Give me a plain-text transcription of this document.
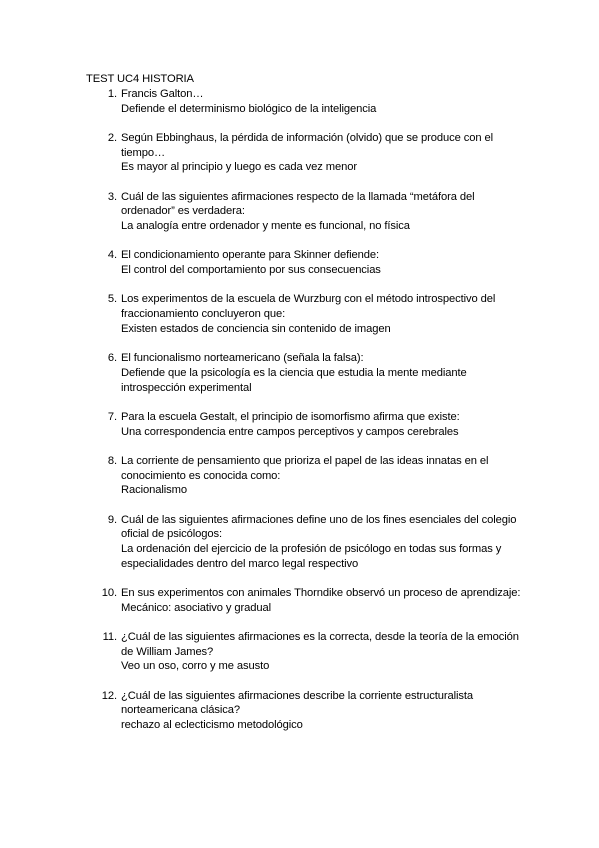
TEST UC4 HISTORIA
1. Francis Galton…
Defiende el determinismo biológico de la inteligencia
2. Según Ebbinghaus, la pérdida de información (olvido) que se produce con el tiempo…
Es mayor al principio y luego es cada vez menor
3. Cuál de las siguientes afirmaciones respecto de la llamada “metáfora del ordenador” es verdadera:
La analogía entre ordenador y mente es funcional, no física
4. El condicionamiento operante para Skinner defiende:
El control del comportamiento por sus consecuencias
5. Los experimentos de la escuela de Wurzburg con el método introspectivo del fraccionamiento concluyeron que:
Existen estados de conciencia sin contenido de imagen
6. El funcionalismo norteamericano (señala la falsa):
Defiende que la psicología es la ciencia que estudia la mente mediante introspección experimental
7. Para la escuela Gestalt, el principio de isomorfismo afirma que existe:
Una correspondencia entre campos perceptivos y campos cerebrales
8. La corriente de pensamiento que prioriza el papel de las ideas innatas en el conocimiento es conocida como:
Racionalismo
9. Cuál de las siguientes afirmaciones define uno de los fines esenciales del colegio oficial de psicólogos:
La ordenación del ejercicio de la profesión de psicólogo en todas sus formas y especialidades dentro del marco legal respectivo
10. En sus experimentos con animales Thorndike observó un proceso de aprendizaje:
Mecánico: asociativo y gradual
11. ¿Cuál de las siguientes afirmaciones es la correcta, desde la teoría de la emoción de William James?
Veo un oso, corro y me asusto
12. ¿Cuál de las siguientes afirmaciones describe la corriente estructuralista norteamericana clásica?
rechazo al eclecticismo metodológico
